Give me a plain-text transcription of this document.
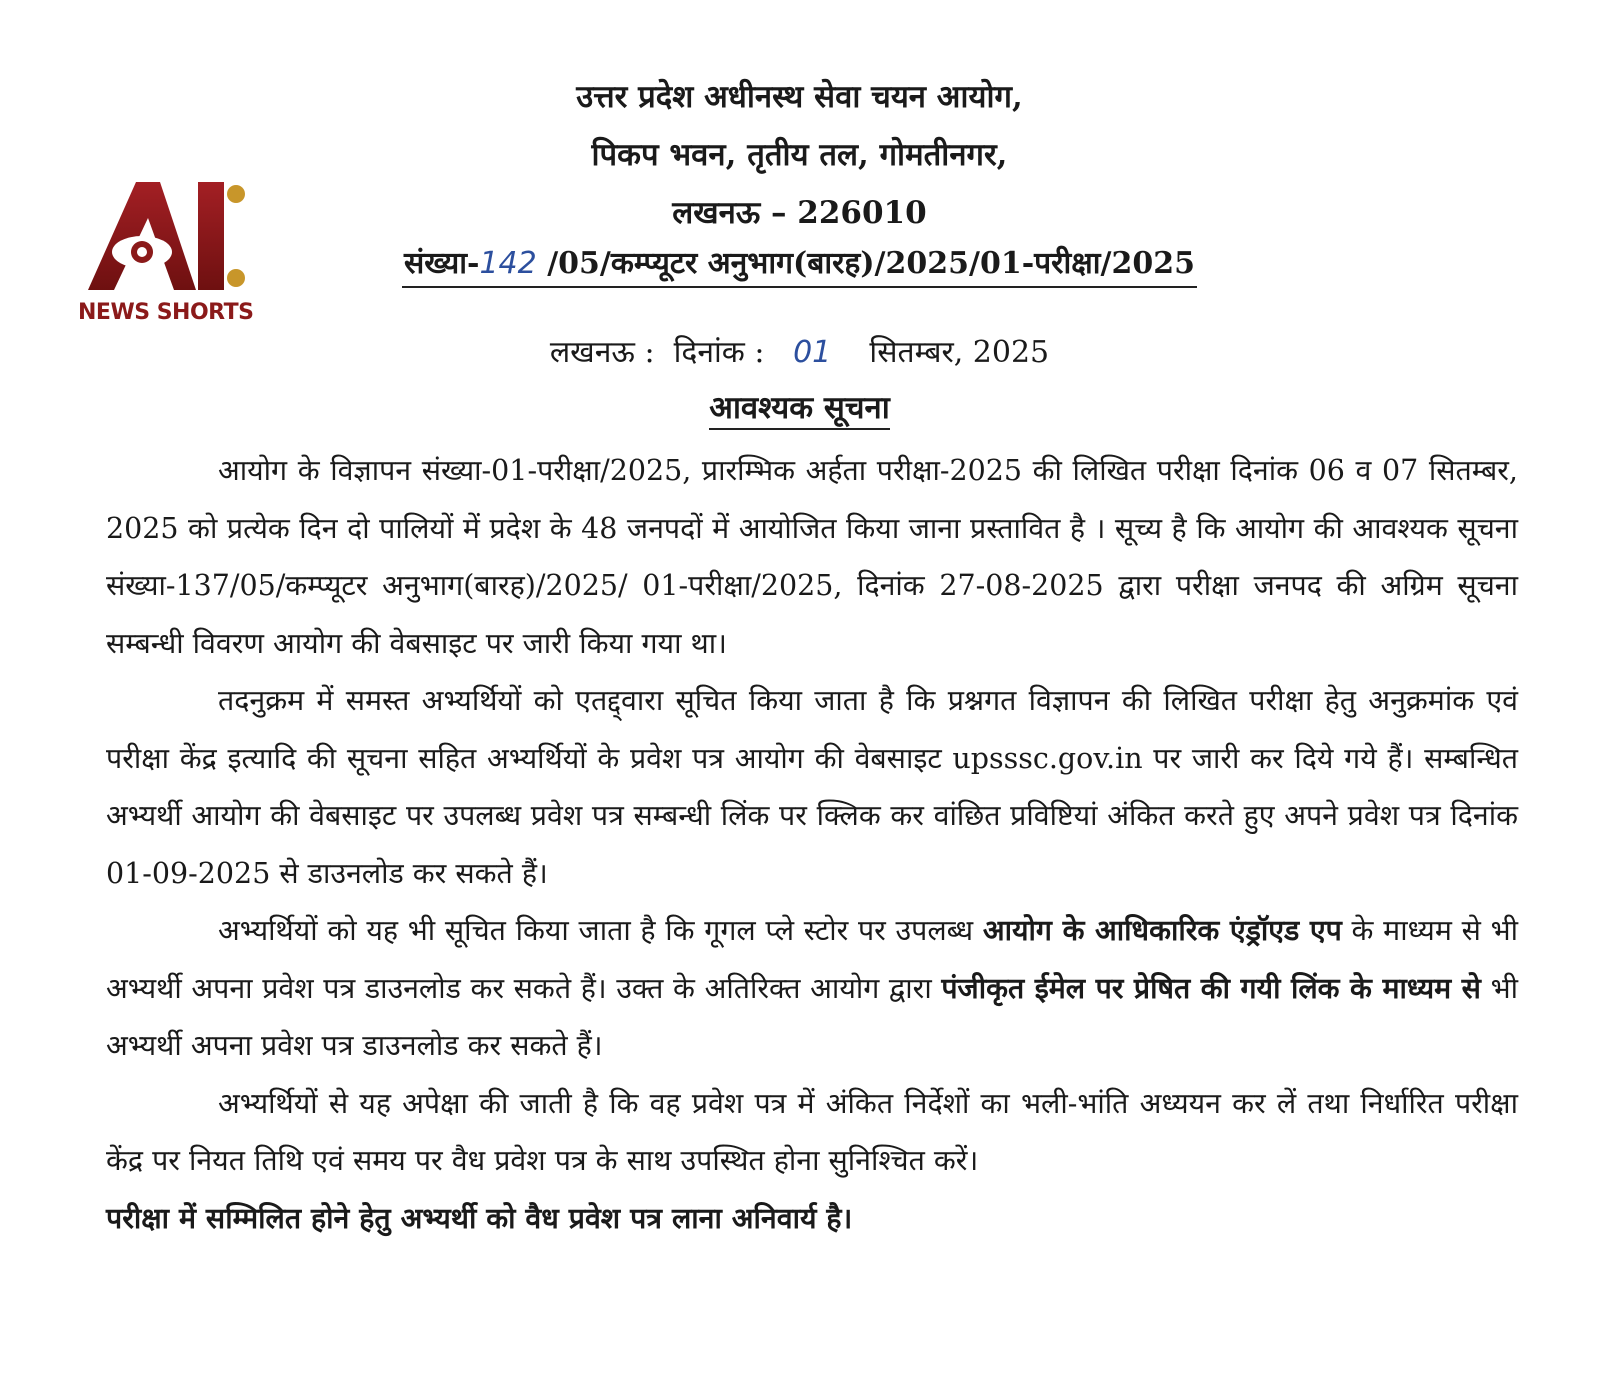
NEWS SHORTS
उत्तर प्रदेश अधीनस्थ सेवा चयन आयोग,
पिकप भवन, तृतीय तल, गोमतीनगर,
लखनऊ – 226010
संख्या-142 /05/कम्प्यूटर अनुभाग(बारह)/2025/01-परीक्षा/2025
लखनऊ : दिनांक : 01 सितम्बर, 2025
आवश्यक सूचना

आयोग के विज्ञापन संख्या-01-परीक्षा/2025, प्रारम्भिक अर्हता परीक्षा-2025 की लिखित परीक्षा दिनांक 06 व 07 सितम्बर, 2025 को प्रत्येक दिन दो पालियों में प्रदेश के 48 जनपदों में आयोजित किया जाना प्रस्तावित है । सूच्य है कि आयोग की आवश्यक सूचना संख्या-137/05/कम्प्यूटर अनुभाग(बारह)/2025/ 01-परीक्षा/2025, दिनांक 27-08-2025 द्वारा परीक्षा जनपद की अग्रिम सूचना सम्बन्धी विवरण आयोग की वेबसाइट पर जारी किया गया था।

तदनुक्रम में समस्त अभ्यर्थियों को एतद्द्वारा सूचित किया जाता है कि प्रश्नगत विज्ञापन की लिखित परीक्षा हेतु अनुक्रमांक एवं परीक्षा केंद्र इत्यादि की सूचना सहित अभ्यर्थियों के प्रवेश पत्र आयोग की वेबसाइट upsssc.gov.in पर जारी कर दिये गये हैं। सम्बन्धित अभ्यर्थी आयोग की वेबसाइट पर उपलब्ध प्रवेश पत्र सम्बन्धी लिंक पर क्लिक कर वांछित प्रविष्टियां अंकित करते हुए अपने प्रवेश पत्र दिनांक 01-09-2025 से डाउनलोड कर सकते हैं।

अभ्यर्थियों को यह भी सूचित किया जाता है कि गूगल प्ले स्टोर पर उपलब्ध आयोग के आधिकारिक एंड्रॉएड एप के माध्यम से भी अभ्यर्थी अपना प्रवेश पत्र डाउनलोड कर सकते हैं। उक्त के अतिरिक्त आयोग द्वारा पंजीकृत ईमेल पर प्रेषित की गयी लिंक के माध्यम से भी अभ्यर्थी अपना प्रवेश पत्र डाउनलोड कर सकते हैं।

अभ्यर्थियों से यह अपेक्षा की जाती है कि वह प्रवेश पत्र में अंकित निर्देशों का भली-भांति अध्ययन कर लें तथा निर्धारित परीक्षा केंद्र पर नियत तिथि एवं समय पर वैध प्रवेश पत्र के साथ उपस्थित होना सुनिश्चित करें।

परीक्षा में सम्मिलित होने हेतु अभ्यर्थी को वैध प्रवेश पत्र लाना अनिवार्य है।
